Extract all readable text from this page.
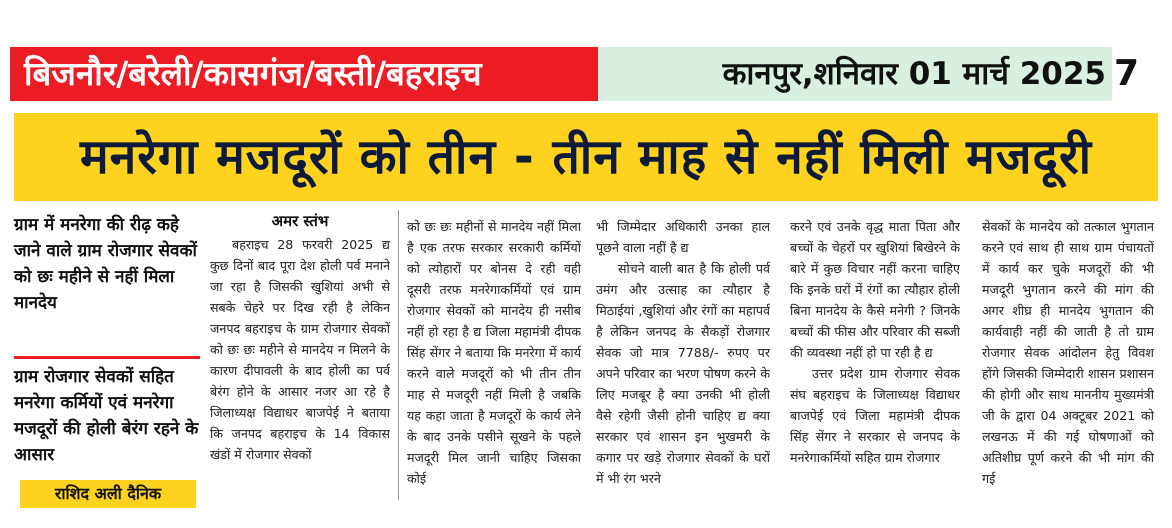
बिजनौर/बरेली/कासगंज/बस्ती/बहराइच	कानपुर,शनिवार 01 मार्च 2025 7
मनरेगा मजदूरों को तीन - तीन माह से नहीं मिली मजदूरी

ग्राम में मनरेगा की रीढ़ कहे जाने वाले ग्राम रोजगार सेवकों को छः महीने से नहीं मिला मानदेय

ग्राम रोजगार सेवकों सहित मनरेगा कर्मियों एवं मनरेगा मजदूरों की होली बेरंग रहने के आसार

राशिद अली दैनिक
अमर स्तंभ

बहराइच 28 फरवरी 2025 द्य कुछ दिनों बाद पूरा देश होली पर्व मनाने जा रहा है जिसकी खुशियां अभी से सबके चेहरे पर दिख रही है लेकिन जनपद बहराइच के ग्राम रोजगार सेवकों को छः छः महीने से मानदेय न मिलने के कारण दीपावली के बाद होली का पर्व बेरंग होने के आसार नजर आ रहे है जिलाध्यक्ष विद्याधर बाजपेई ने बताया कि जनपद बहराइच के 14 विकास खंडों में रोजगार सेवकों

को छः छः महीनों से मानदेय नहीं मिला है एक तरफ सरकार सरकारी कर्मियों को त्योहारों पर बोनस दे रही वही दूसरी तरफ मनरेगाकर्मियों एवं ग्राम रोजगार सेवकों को मानदेय ही नसीब नहीं हो रहा है द्य जिला महामंत्री दीपक सिंह सेंगर ने बताया कि मनरेगा में कार्य करने वाले मजदूरों को भी तीन तीन माह से मजदूरी नहीं मिली है जबकि यह कहा जाता है मजदूरों के कार्य लेने के बाद उनके पसीने सूखने के पहले मजदूरी मिल जानी चाहिए जिसका कोई

भी जिम्मेदार अधिकारी उनका हाल पूछने वाला नहीं है द्य

सोचने वाली बात है कि होली पर्व उमंग और उत्साह का त्यौहार है मिठाईयां ,खुशियां और रंगों का महापर्व है लेकिन जनपद के सैकड़ों रोजगार सेवक जो मात्र 7788/- रुपए पर अपने परिवार का भरण पोषण करने के लिए मजबूर है क्या उनकी भी होली वैसे रहेगी जैसी होनी चाहिए द्य क्या सरकार एवं शासन इन भुखमरी के कगार पर खड़े रोजगार सेवकों के घरों में भी रंग भरने

करने एवं उनके वृद्ध माता पिता और बच्चों के चेहरों पर खुशियां बिखेरने के बारे में कुछ विचार नहीं करना चाहिए कि इनके घरों में रंगों का त्यौहार होली बिना मानदेय के कैसे मनेगी ? जिनके बच्चों की फीस और परिवार की सब्जी की व्यवस्था नहीं हो पा रही है द्य

उत्तर प्रदेश ग्राम रोजगार सेवक संघ बहराइच के जिलाध्यक्ष विद्याधर बाजपेई एवं जिला महामंत्री दीपक सिंह सेंगर ने सरकार से जनपद के मनरेगाकर्मियों सहित ग्राम रोजगार

सेवकों के मानदेय को तत्काल भुगतान करने एवं साथ ही साथ ग्राम पंचायतों में कार्य कर चुके मजदूरों की भी मजदूरी भुगतान करने की मांग की अगर शीघ्र ही मानदेय भुगतान की कार्यवाही नहीं की जाती है तो ग्राम रोजगार सेवक आंदोलन हेतु विवश होंगे जिसकी जिम्मेदारी शासन प्रशासन की होगी और साथ माननीय मुख्यमंत्री जी के द्वारा 04 अक्टूबर 2021 को लखनऊ में की गई घोषणाओं को अतिशीघ्र पूर्ण करने की भी मांग की गई
